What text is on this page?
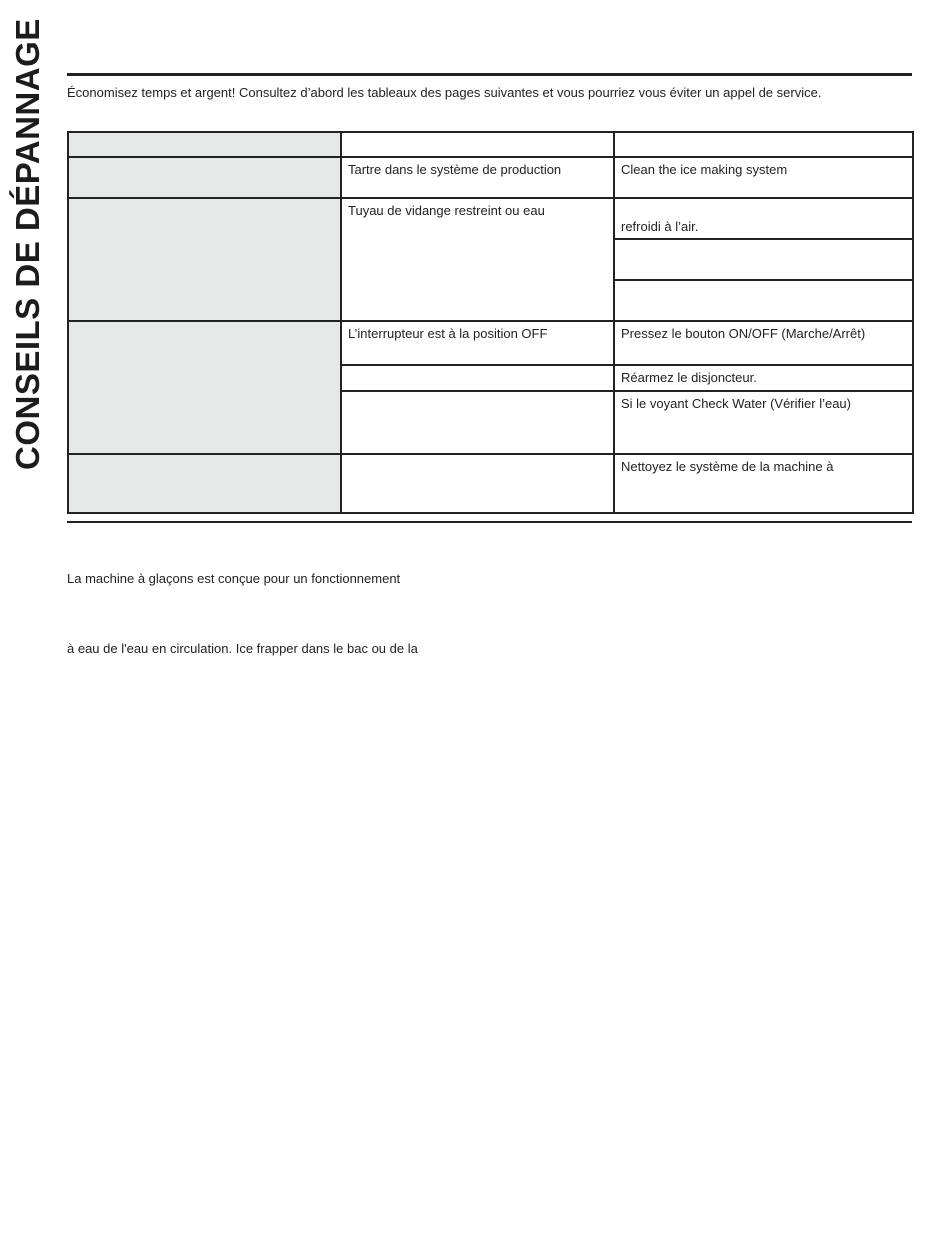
CONSEILS DE DÉPANNAGE Économisez temps et argent! Consultez d’abord les tableaux des pages suivantes et vous pourriez vous éviter un appel de service.

	Tartre dans le système de production	Clean the ice making system
	Tuyau de vidange restreint ou eau	refroidi à l’air.

	L’interrupteur est à la position OFF	Pressez le bouton ON/OFF (Marche/Arrêt)
		Réarmez le disjoncteur.
		Si le voyant Check Water (Vérifier l’eau)
		Nettoyez le système de la machine à
La machine à glaçons est conçue pour un fonctionnement
à eau de l'eau en circulation. Ice frapper dans le bac ou de la
